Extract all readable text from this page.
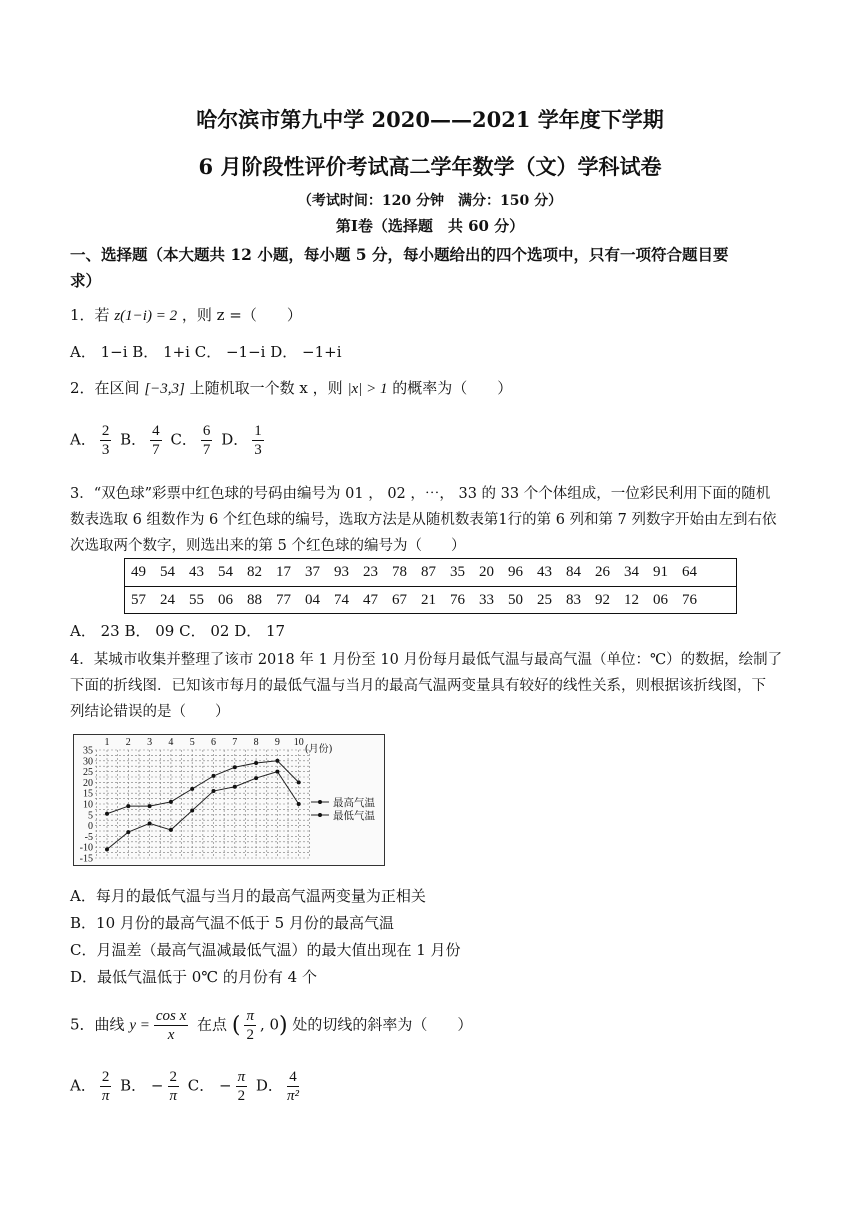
哈尔滨市第九中学 2020——2021 学年度下学期
6 月阶段性评价考试高二学年数学（文）学科试卷
（考试时间：120 分钟　满分：150 分）
第Ⅰ卷（选择题　共 60 分）
一、选择题（本大题共 12 小题，每小题 5 分，每小题给出的四个选项中，只有一项符合题目要
求）
1．若 z(1−i) = 2 ，则 z =（　　）
A． 1−i B． 1+i C． −1−i D． −1+i
2．在区间 [−3,3] 上随机取一个数 x ，则 |x| > 1 的概率为（　　）
A． $\frac{2}{3}$ B． $\frac{4}{7}$ C． $\frac{6}{7}$ D． $\frac{1}{3}$
3．“双色球”彩票中红色球的号码由编号为 01 ， 02 ，⋯， 33 的 33 个个体组成，一位彩民利用下面的随机
数表选取 6 组数作为 6 个红色球的编号，选取方法是从随机数表第1行的第 6 列和第 7 列数字开始由左到右依
次选取两个数字，则选出来的第 5 个红色球的编号为（　　）
49	54	43	54	82	17	37	93	23	78	87	35	20	96	43	84	26	34	91	64
57	24	55	06	88	77	04	74	47	67	21	76	33	50	25	83	92	12	06	76
A． 23 B． 09 C． 02 D． 17
4．某城市收集并整理了该市 2018 年 1 月份至 10 月份每月最低气温与最高气温（单位：℃）的数据，绘制了
下面的折线图．已知该市每月的最低气温与当月的最高气温两变量具有较好的线性关系，则根据该折线图，下
列结论错误的是（　　）
35
30
25
20
15
10
5
0
-5
-10
-15
1 2 3 4 5 6 7 8 9 10
(月份)
最高气温
最低气温
A．每月的最低气温与当月的最高气温两变量为正相关
B．10 月份的最高气温不低于 5 月份的最高气温
C．月温差（最高气温减最低气温）的最大值出现在 1 月份
D．最低气温低于 0℃ 的月份有 4 个
5．曲线 $y = \frac{\text{cos x}}{x}$ 在点 ( $\frac{\pi}{2}$ , 0) 处的切线的斜率为（　　）
A． $\frac{2}{\pi}$ B． − $\frac{2}{\pi}$ C． − $\frac{\pi}{2}$ D． $\frac{4}{\text{π²}}$
